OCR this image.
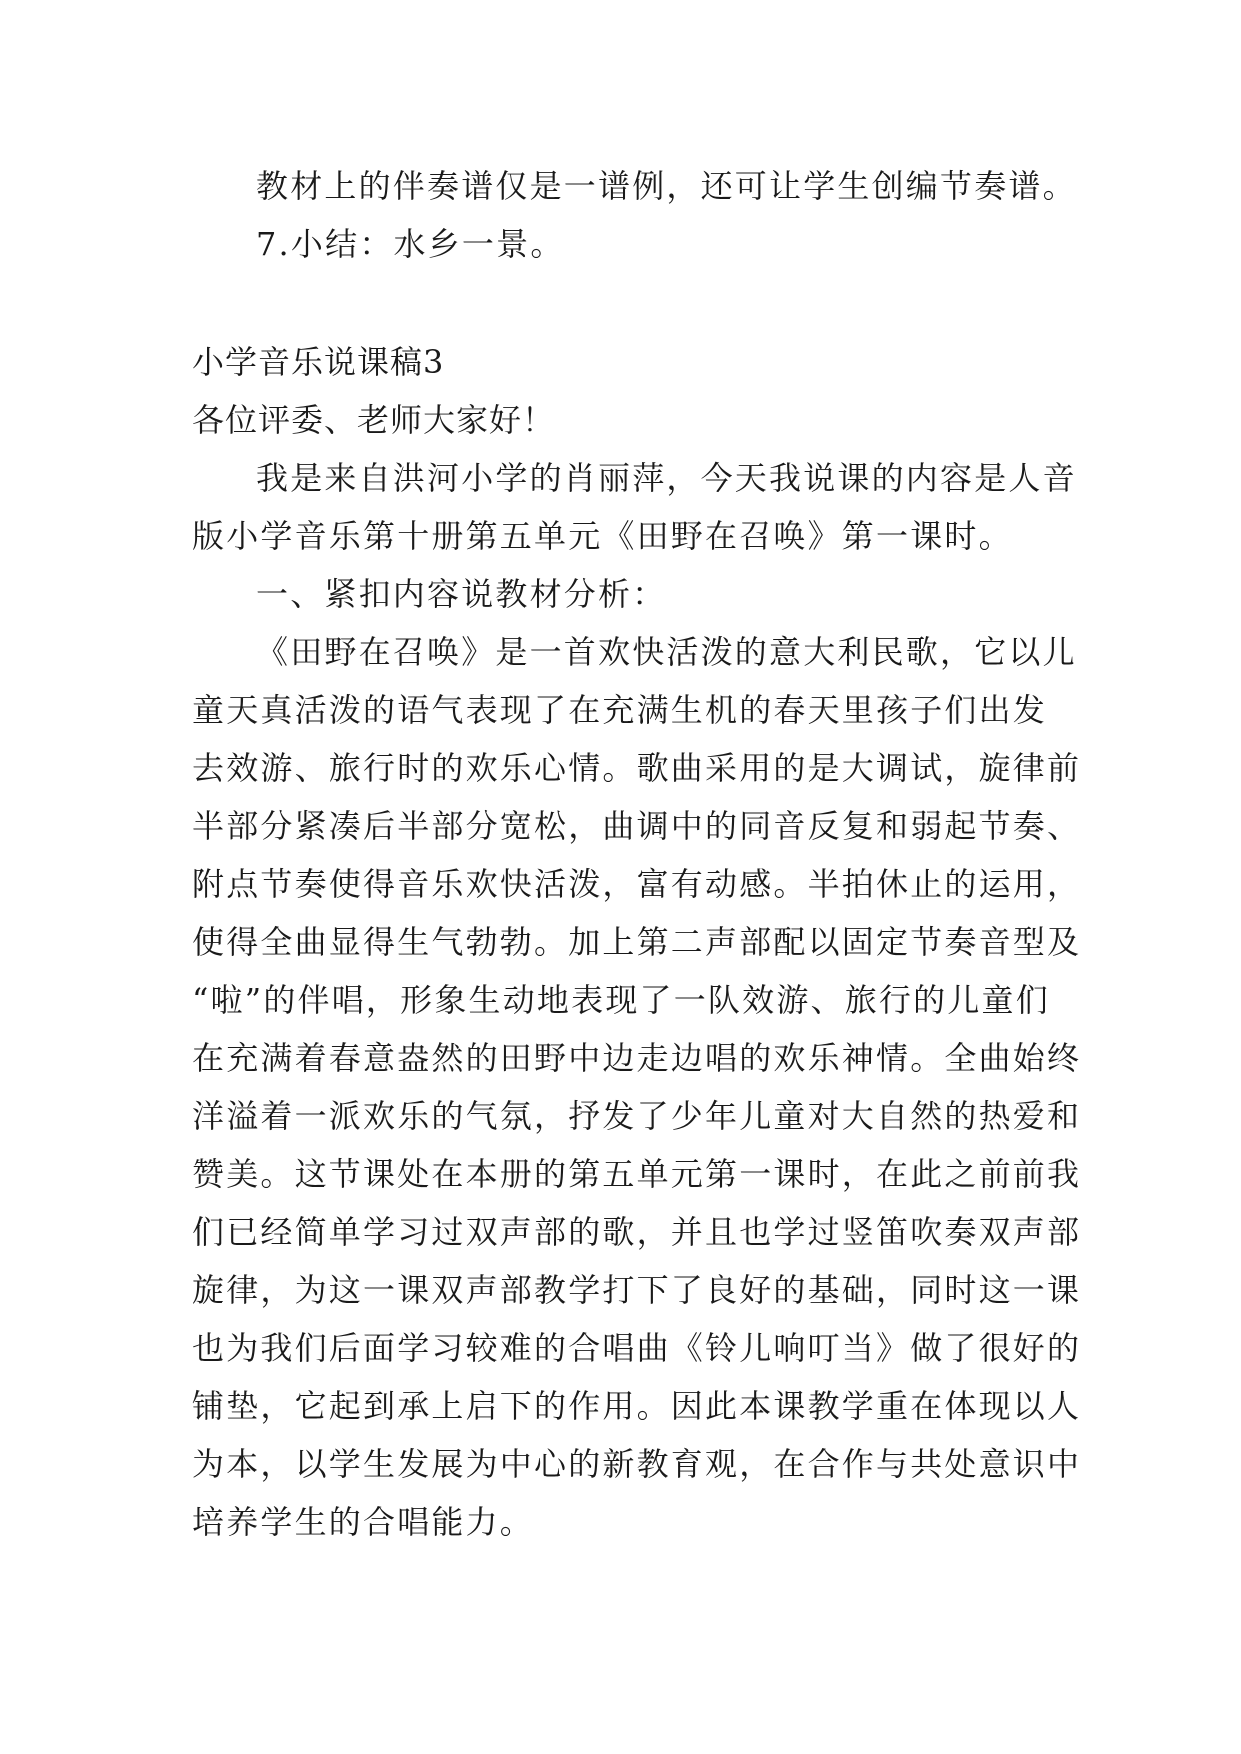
教材上的伴奏谱仅是一谱例，还可让学生创编节奏谱。
7.小结：水乡一景。
小学音乐说课稿3
各位评委、老师大家好！
我是来自洪河小学的肖丽萍，今天我说课的内容是人音
版小学音乐第十册第五单元《田野在召唤》第一课时。
一、紧扣内容说教材分析：
《田野在召唤》是一首欢快活泼的意大利民歌，它以儿
童天真活泼的语气表现了在充满生机的春天里孩子们出发
去效游、旅行时的欢乐心情。歌曲采用的是大调试，旋律前
半部分紧凑后半部分宽松，曲调中的同音反复和弱起节奏、
附点节奏使得音乐欢快活泼，富有动感。半拍休止的运用，
使得全曲显得生气勃勃。加上第二声部配以固定节奏音型及
“啦”的伴唱，形象生动地表现了一队效游、旅行的儿童们
在充满着春意盎然的田野中边走边唱的欢乐神情。全曲始终
洋溢着一派欢乐的气氛，抒发了少年儿童对大自然的热爱和
赞美。这节课处在本册的第五单元第一课时，在此之前前我
们已经简单学习过双声部的歌，并且也学过竖笛吹奏双声部
旋律，为这一课双声部教学打下了良好的基础，同时这一课
也为我们后面学习较难的合唱曲《铃儿响叮当》做了很好的
铺垫，它起到承上启下的作用。因此本课教学重在体现以人
为本，以学生发展为中心的新教育观，在合作与共处意识中
培养学生的合唱能力。
